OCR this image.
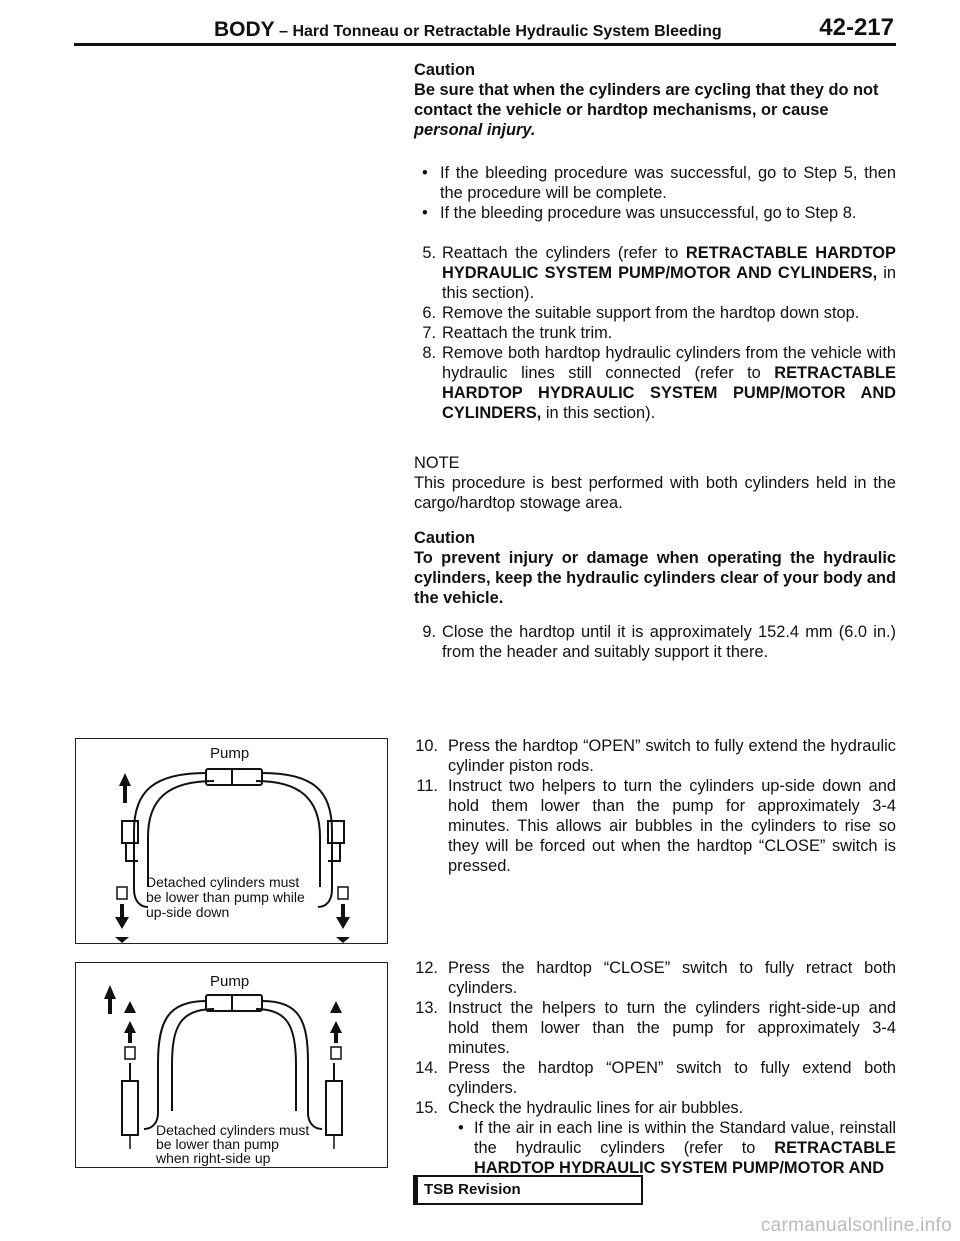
BODY – Hard Tonneau or Retractable Hydraulic System Bleeding	42-217
Caution
Be sure that when the cylinders are cycling that they do not contact the vehicle or hardtop mechanisms, or cause
personal injury.
• If the bleeding procedure was successful, go to Step 5, then the procedure will be complete.
• If the bleeding procedure was unsuccessful, go to Step 8.
5. Reattach the cylinders (refer to RETRACTABLE HARDTOP HYDRAULIC SYSTEM PUMP/MOTOR AND CYLINDERS, in this section).
6. Remove the suitable support from the hardtop down stop.
7. Reattach the trunk trim.
8. Remove both hardtop hydraulic cylinders from the vehicle with hydraulic lines still connected (refer to RETRACTABLE HARDTOP HYDRAULIC SYSTEM PUMP/MOTOR AND CYLINDERS, in this section).
NOTE
This procedure is best performed with both cylinders held in the cargo/hardtop stowage area.
Caution
To prevent injury or damage when operating the hydraulic cylinders, keep the hydraulic cylinders clear of your body and the vehicle.
9. Close the hardtop until it is approximately 152.4 mm (6.0 in.) from the header and suitably support it there.
10. Press the hardtop “OPEN” switch to fully extend the hydraulic cylinder piston rods.
11. Instruct two helpers to turn the cylinders up-side down and hold them lower than the pump for approximately 3-4 minutes. This allows air bubbles in the cylinders to rise so they will be forced out when the hardtop “CLOSE” switch is pressed.
12. Press the hardtop “CLOSE” switch to fully retract both cylinders.
13. Instruct the helpers to turn the cylinders right-side-up and hold them lower than the pump for approximately 3-4 minutes.
14. Press the hardtop “OPEN” switch to fully extend both cylinders.
15. Check the hydraulic lines for air bubbles.
• If the air in each line is within the Standard value, reinstall the hydraulic cylinders (refer to RETRACTABLE HARDTOP HYDRAULIC SYSTEM PUMP/MOTOR AND
Pump
Detached cylinders must
be lower than pump while
up-side down
Pump
Detached cylinders must
be lower than pump
when right-side up
TSB Revision
carmanualsonline.info
